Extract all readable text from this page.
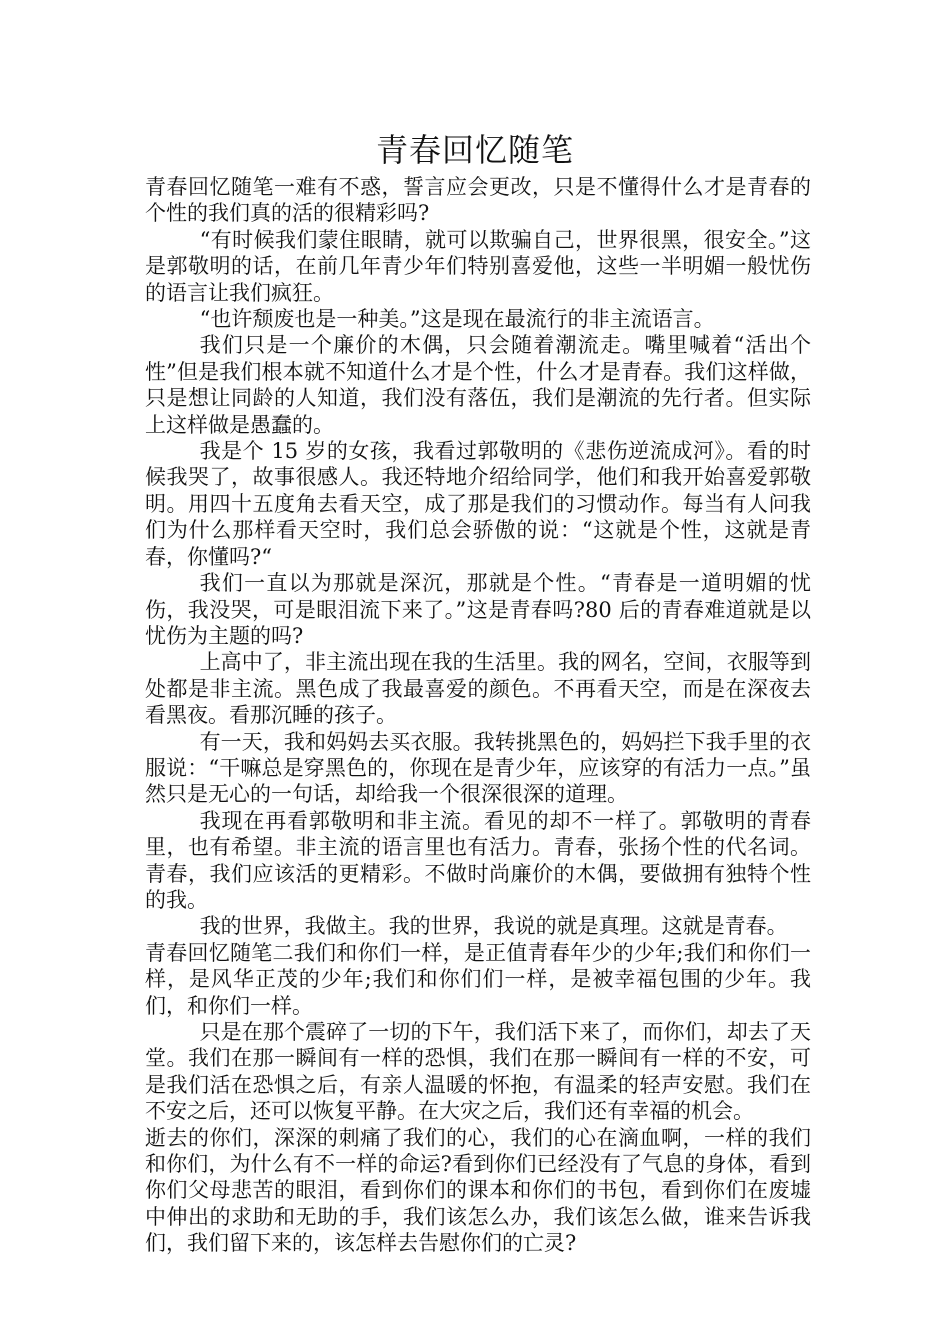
青春回忆随笔

青春回忆随笔一难有不惑，誓言应会更改，只是不懂得什么才是青春的个性的我们真的活的很精彩吗?

“有时候我们蒙住眼睛，就可以欺骗自己，世界很黑，很安全。”这是郭敬明的话，在前几年青少年们特别喜爱他，这些一半明媚一般忧伤的语言让我们疯狂。

“也许颓废也是一种美。”这是现在最流行的非主流语言。

我们只是一个廉价的木偶，只会随着潮流走。嘴里喊着“活出个性”但是我们根本就不知道什么才是个性，什么才是青春。我们这样做，只是想让同龄的人知道，我们没有落伍，我们是潮流的先行者。但实际上这样做是愚蠢的。

我是个 15 岁的女孩，我看过郭敬明的《悲伤逆流成河》。看的时候我哭了，故事很感人。我还特地介绍给同学，他们和我开始喜爱郭敬明。用四十五度角去看天空，成了那是我们的习惯动作。每当有人问我们为什么那样看天空时，我们总会骄傲的说：“这就是个性，这就是青春，你懂吗?“

我们一直以为那就是深沉，那就是个性。“青春是一道明媚的忧伤，我没哭，可是眼泪流下来了。”这是青春吗?80 后的青春难道就是以忧伤为主题的吗?

上高中了，非主流出现在我的生活里。我的网名，空间，衣服等到处都是非主流。黑色成了我最喜爱的颜色。不再看天空，而是在深夜去看黑夜。看那沉睡的孩子。

有一天，我和妈妈去买衣服。我转挑黑色的，妈妈拦下我手里的衣服说：“干嘛总是穿黑色的，你现在是青少年，应该穿的有活力一点。”虽然只是无心的一句话，却给我一个很深很深的道理。

我现在再看郭敬明和非主流。看见的却不一样了。郭敬明的青春里，也有希望。非主流的语言里也有活力。青春，张扬个性的代名词。青春，我们应该活的更精彩。不做时尚廉价的木偶，要做拥有独特个性的我。

我的世界，我做主。我的世界，我说的就是真理。这就是青春。

青春回忆随笔二我们和你们一样，是正值青春年少的少年;我们和你们一样，是风华正茂的少年;我们和你们们一样，是被幸福包围的少年。我们，和你们一样。

只是在那个震碎了一切的下午，我们活下来了，而你们，却去了天堂。我们在那一瞬间有一样的恐惧，我们在那一瞬间有一样的不安，可是我们活在恐惧之后，有亲人温暖的怀抱，有温柔的轻声安慰。我们在不安之后，还可以恢复平静。在大灾之后，我们还有幸福的机会。

逝去的你们，深深的刺痛了我们的心，我们的心在滴血啊，一样的我们和你们，为什么有不一样的命运?看到你们已经没有了气息的身体，看到你们父母悲苦的眼泪，看到你们的课本和你们的书包，看到你们在废墟中伸出的求助和无助的手，我们该怎么办，我们该怎么做，谁来告诉我们，我们留下来的，该怎样去告慰你们的亡灵?
